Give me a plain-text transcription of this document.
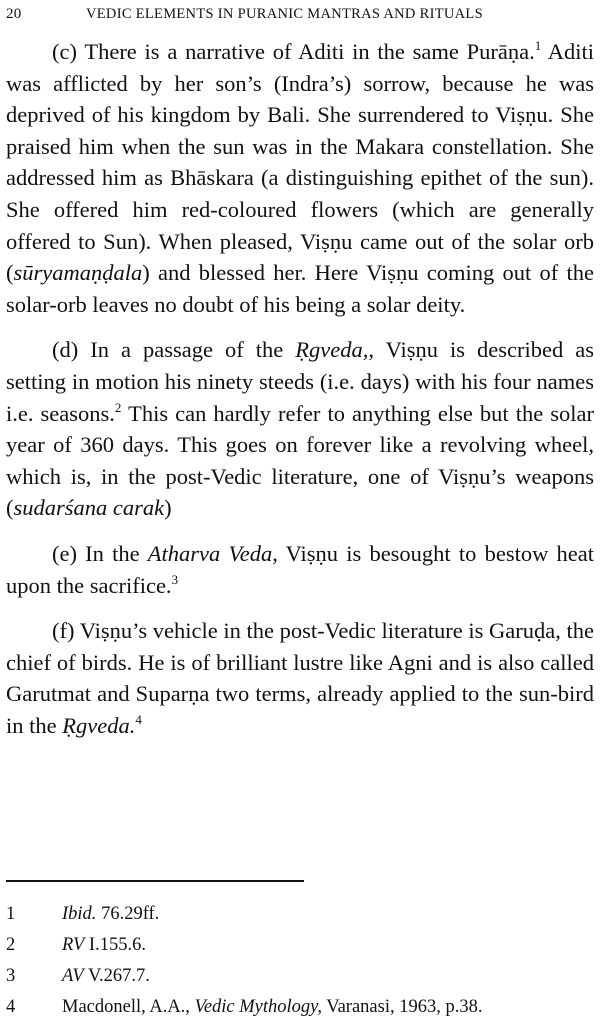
20	VEDIC ELEMENTS IN PURANIC MANTRAS AND RITUALS

(c) There is a narrative of Aditi in the same Purāṇa.$^1$ Aditi was afflicted by her son’s (Indra’s) sorrow, because he was deprived of his kingdom by Bali. She surrendered to Viṣṇu. She praised him when the sun was in the Makara constellation. She addressed him as Bhāskara (a distinguishing epithet of the sun). She offered him red-coloured flowers (which are generally offered to Sun). When pleased, Viṣṇu came out of the solar orb (sūryamaṇḍala) and blessed her. Here Viṣṇu coming out of the solar-orb leaves no doubt of his being a solar deity.

(d) In a passage of the Ṛgveda,, Viṣṇu is described as setting in motion his ninety steeds (i.e. days) with his four names i.e. seasons.$^2$ This can hardly refer to anything else but the solar year of 360 days. This goes on forever like a revolving wheel, which is, in the post-Vedic literature, one of Viṣṇu’s weapons (sudarśana carak)

(e) In the Atharva Veda, Viṣṇu is besought to bestow heat upon the sacrifice.$^3$

(f) Viṣṇu’s vehicle in the post-Vedic literature is Garuḍa, the chief of birds. He is of brilliant lustre like Agni and is also called Garutmat and Suparṇa two terms, already applied to the sun-bird in the Ṛgveda.$^4$

1	Ibid. 76.29ff.
2	RV I.155.6.
3	AV V.267.7.
4	Macdonell, A.A., Vedic Mythology, Varanasi, 1963, p.38.
